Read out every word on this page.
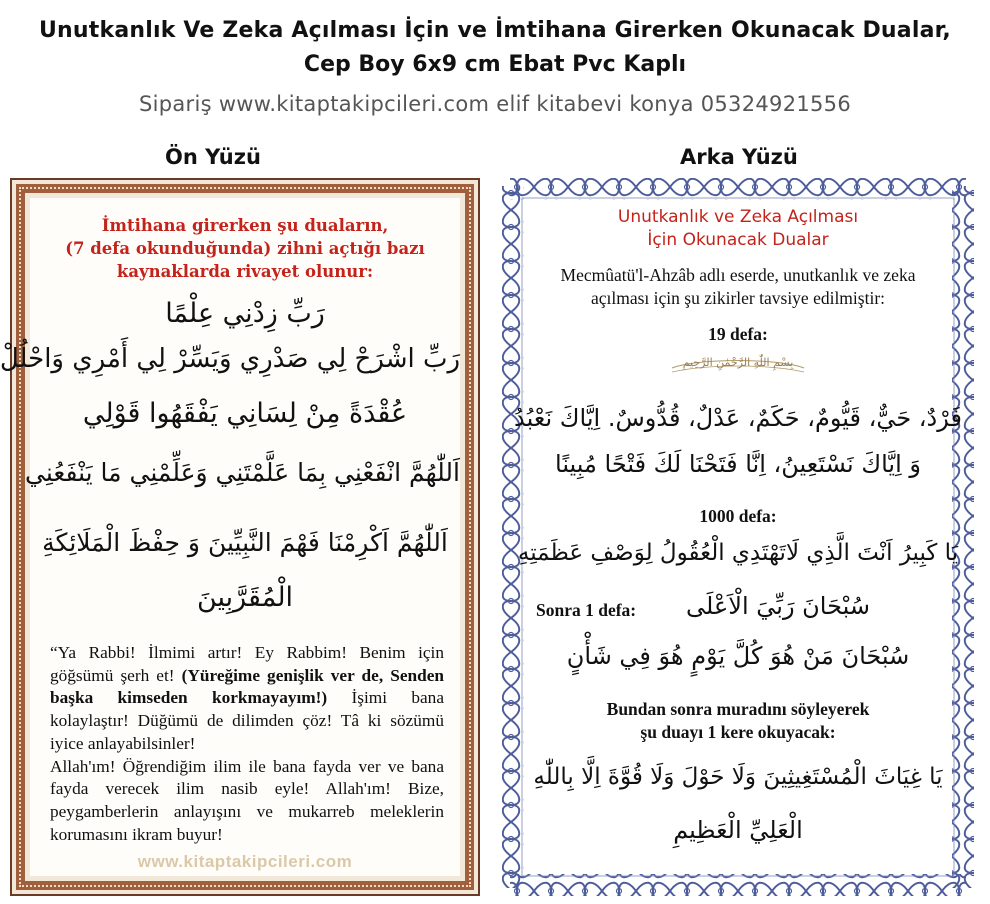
Unutkanlık Ve Zeka Açılması İçin ve İmtihana Girerken Okunacak Dualar,
Cep Boy 6x9 cm Ebat Pvc Kaplı
Sipariş www.kitaptakipcileri.com elif kitabevi konya 05324921556
Ön Yüzü	Arka Yüzü
İmtihana girerken şu duaların,
(7 defa okunduğunda) zihni açtığı bazı
kaynaklarda rivayet olunur:
رَبِّ زِدْنِي عِلْمًا
رَبِّ اشْرَحْ لِي صَدْرِي وَيَسِّرْ لِي أَمْرِي وَاحْلُلْ
عُقْدَةً مِنْ لِسَانِي يَفْقَهُوا قَوْلِي
اَللّٰهُمَّ انْفَعْنِي بِمَا عَلَّمْتَنِي وَعَلِّمْنِي مَا يَنْفَعُنِي
اَللّٰهُمَّ اَكْرِمْنَا فَهْمَ النَّبِيِّينَ وَ حِفْظَ الْمَلَائِكَةِ
الْمُقَرَّبِينَ
“Ya Rabbi! İlmimi artır! Ey Rabbim! Benim için göğsümü şerh et! (Yüreğime genişlik ver de, Senden başka kimseden korkmayayım!) İşimi bana kolaylaştır! Düğümü de dilimden çöz! Tâ ki sözümü iyice anlayabilsinler!
Allah'ım! Öğrendiğim ilim ile bana fayda ver ve bana fayda verecek ilim nasib eyle! Allah'ım! Bize, peygamberlerin anlayışını ve mukarreb meleklerin korumasını ikram buyur!
www.kitaptakipcileri.com
Unutkanlık ve Zeka Açılması
İçin Okunacak Dualar
Mecmûatü'l-Ahzâb adlı eserde, unutkanlık ve zeka açılması için şu zikirler tavsiye edilmiştir:
19 defa:
بِسْمِ اللّٰهِ الرَّحْمٰنِ الرَّحِيمِ
فَرْدٌ، حَيٌّ، قَيُّومٌ، حَكَمٌ، عَدْلٌ، قُدُّوسٌ. اِيَّاكَ نَعْبُدُ
وَ اِيَّاكَ نَسْتَعِينُ، اِنَّا فَتَحْنَا لَكَ فَتْحًا مُبِينًا
1000 defa:
يَا كَبِيرُ اَنْتَ الَّذِي لَاتَهْتَدِي الْعُقُولُ لِوَصْفِ عَظَمَتِهِ
Sonra 1 defa: سُبْحَانَ رَبِّيَ الْاَعْلَى
سُبْحَانَ مَنْ هُوَ كُلَّ يَوْمٍ هُوَ فِي شَأْنٍ
Bundan sonra muradını söyleyerek
şu duayı 1 kere okuyacak:
يَا غِيَاثَ الْمُسْتَغِيثِينَ وَلَا حَوْلَ وَلَا قُوَّةَ اِلَّا بِاللّٰهِ
الْعَلِيِّ الْعَظِيمِ
